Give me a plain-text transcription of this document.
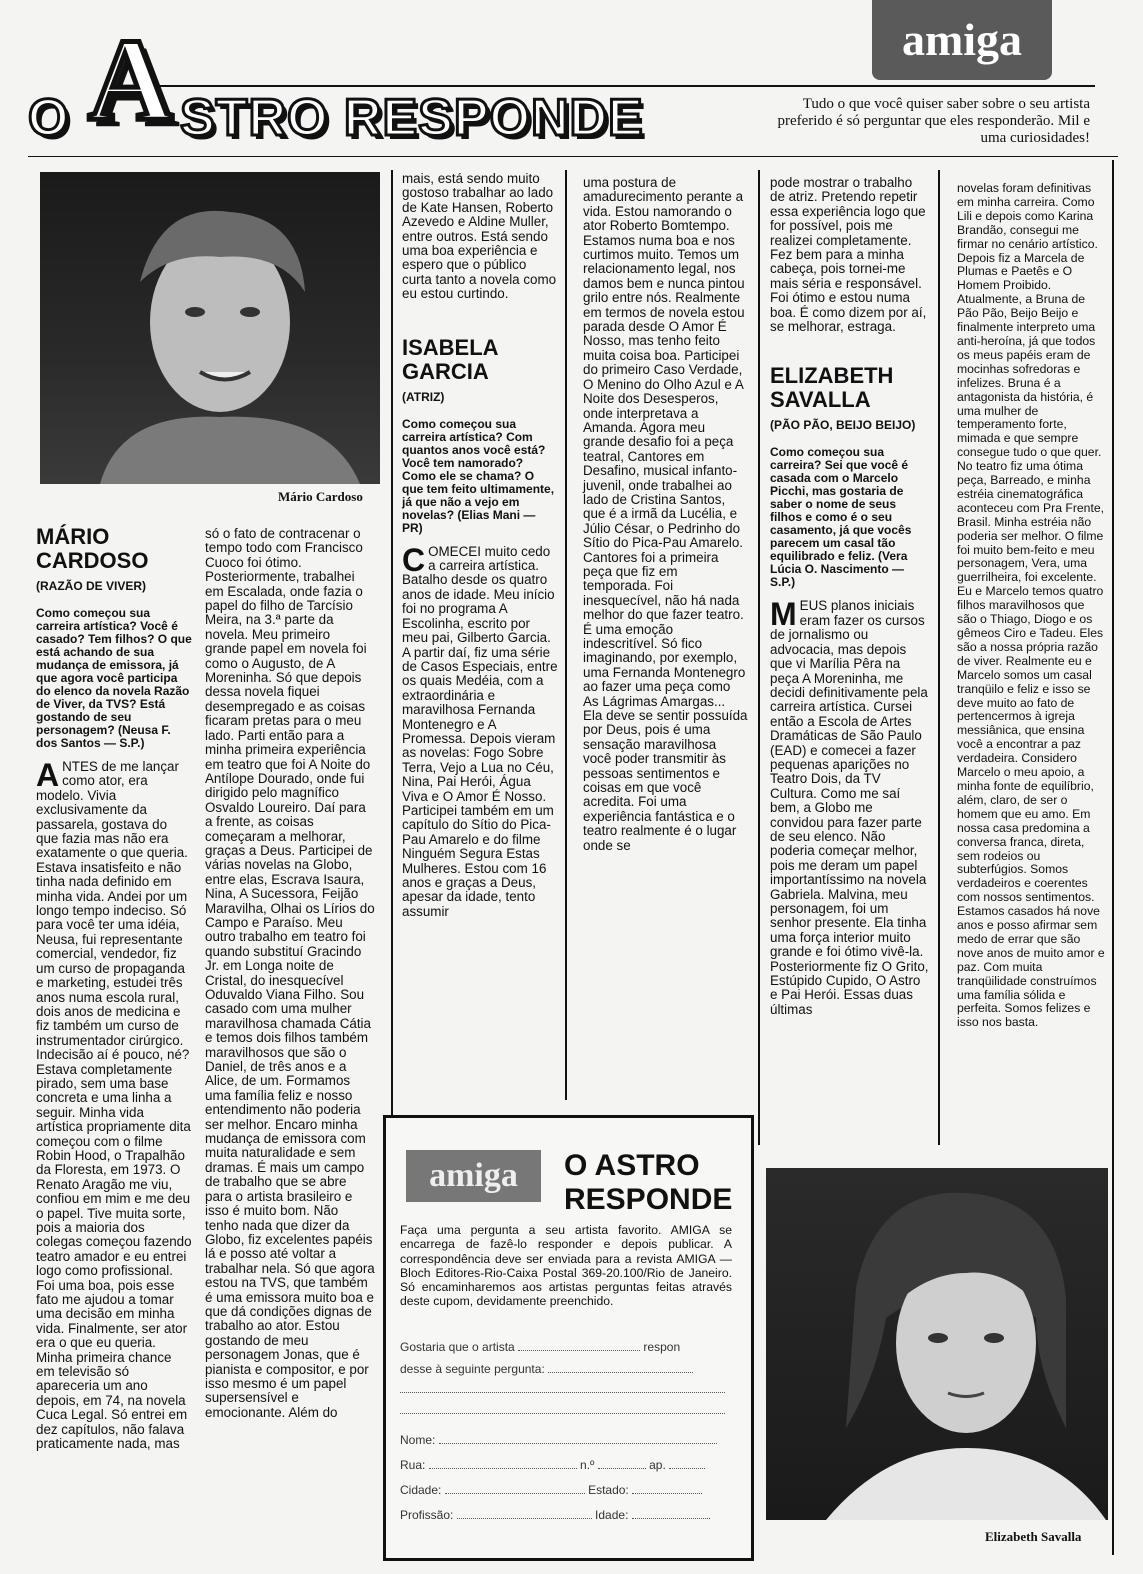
amiga
O A STRO RESPONDE	Tudo o que você quiser saber sobre o seu artista preferido é só perguntar que eles responderão. Mil e uma curiosidades!
Mário Cardoso
MÁRIO CARDOSO
(RAZÃO DE VIVER)
Como começou sua carreira artística? Você é casado? Tem filhos? O que está achando de sua mudança de emissora, já que agora você participa do elenco da novela Razão de Viver, da TVS? Está gostando de seu personagem? (Neusa F. dos Santos — S.P.)

ANTES de me lançar como ator, era modelo. Vivia exclusivamente da passarela, gostava do que fazia mas não era exatamente o que queria. Estava insatisfeito e não tinha nada definido em minha vida. Andei por um longo tempo indeciso. Só para você ter uma idéia, Neusa, fui representante comercial, vendedor, fiz um curso de propaganda e marketing, estudei três anos numa escola rural, dois anos de medicina e fiz também um curso de instrumentador cirúrgico. Indecisão aí é pouco, né? Estava completamente pirado, sem uma base concreta e uma linha a seguir. Minha vida artística propriamente dita começou com o filme Robin Hood, o Trapalhão da Floresta, em 1973. O Renato Aragão me viu, confiou em mim e me deu o papel. Tive muita sorte, pois a maioria dos colegas começou fazendo teatro amador e eu entrei logo como profissional. Foi uma boa, pois esse fato me ajudou a tomar uma decisão em minha vida. Finalmente, ser ator era o que eu queria. Minha primeira chance em televisão só apareceria um ano depois, em 74, na novela Cuca Legal. Só entrei em dez capítulos, não falava praticamente nada, mas

só o fato de contracenar o tempo todo com Francisco Cuoco foi ótimo. Posteriormente, trabalhei em Escalada, onde fazia o papel do filho de Tarcísio Meira, na 3.ª parte da novela. Meu primeiro grande papel em novela foi como o Augusto, de A Moreninha. Só que depois dessa novela fiquei desempregado e as coisas ficaram pretas para o meu lado. Parti então para a minha primeira experiência em teatro que foi A Noite do Antílope Dourado, onde fui dirigido pelo magnífico Osvaldo Loureiro. Daí para a frente, as coisas começaram a melhorar, graças a Deus. Participei de várias novelas na Globo, entre elas, Escrava Isaura, Nina, A Sucessora, Feijão Maravilha, Olhai os Lírios do Campo e Paraíso. Meu outro trabalho em teatro foi quando substituí Gracindo Jr. em Longa noite de Cristal, do inesquecível Oduvaldo Viana Filho. Sou casado com uma mulher maravilhosa chamada Cátia e temos dois filhos também maravilhosos que são o Daniel, de três anos e a Alice, de um. Formamos uma família feliz e nosso entendimento não poderia ser melhor. Encaro minha mudança de emissora com muita naturalidade e sem dramas. É mais um campo de trabalho que se abre para o artista brasileiro e isso é muito bom. Não tenho nada que dizer da Globo, fiz excelentes papéis lá e posso até voltar a trabalhar nela. Só que agora estou na TVS, que também é uma emissora muito boa e que dá condições dignas de trabalho ao ator. Estou gostando de meu personagem Jonas, que é pianista e compositor, e por isso mesmo é um papel supersensível e emocionante. Além do

mais, está sendo muito gostoso trabalhar ao lado de Kate Hansen, Roberto Azevedo e Aldine Muller, entre outros. Está sendo uma boa experiência e espero que o público curta tanto a novela como eu estou curtindo.

ISABELA GARCIA
(ATRIZ)
Como começou sua carreira artística? Com quantos anos você está? Você tem namorado? Como ele se chama? O que tem feito ultimamente, já que não a vejo em novelas? (Elias Mani — PR)

COMECEI muito cedo a carreira artística. Batalho desde os quatro anos de idade. Meu início foi no programa A Escolinha, escrito por meu pai, Gilberto Garcia. A partir daí, fiz uma série de Casos Especiais, entre os quais Medéia, com a extraordinária e maravilhosa Fernanda Montenegro e A Promessa. Depois vieram as novelas: Fogo Sobre Terra, Vejo a Lua no Céu, Nina, Pai Herói, Água Viva e O Amor É Nosso. Participei também em um capítulo do Sítio do Pica-Pau Amarelo e do filme Ninguém Segura Estas Mulheres. Estou com 16 anos e graças a Deus, apesar da idade, tento assumir

uma postura de amadurecimento perante a vida. Estou namorando o ator Roberto Bomtempo. Estamos numa boa e nos curtimos muito. Temos um relacionamento legal, nos damos bem e nunca pintou grilo entre nós. Realmente em termos de novela estou parada desde O Amor É Nosso, mas tenho feito muita coisa boa. Participei do primeiro Caso Verdade, O Menino do Olho Azul e A Noite dos Desesperos, onde interpretava a Amanda. Agora meu grande desafio foi a peça teatral, Cantores em Desafino, musical infanto-juvenil, onde trabalhei ao lado de Cristina Santos, que é a irmã da Lucélia, e Júlio César, o Pedrinho do Sítio do Pica-Pau Amarelo. Cantores foi a primeira peça que fiz em temporada. Foi inesquecível, não há nada melhor do que fazer teatro. É uma emoção indescritível. Só fico imaginando, por exemplo, uma Fernanda Montenegro ao fazer uma peça como As Lágrimas Amargas... Ela deve se sentir possuída por Deus, pois é uma sensação maravilhosa você poder transmitir às pessoas sentimentos e coisas em que você acredita. Foi uma experiência fantástica e o teatro realmente é o lugar onde se

pode mostrar o trabalho de atriz. Pretendo repetir essa experiência logo que for possível, pois me realizei completamente. Fez bem para a minha cabeça, pois tornei-me mais séria e responsável. Foi ótimo e estou numa boa. É como dizem por aí, se melhorar, estraga.

ELIZABETH SAVALLA
(PÃO PÃO, BEIJO BEIJO)
Como começou sua carreira? Sei que você é casada com o Marcelo Picchi, mas gostaria de saber o nome de seus filhos e como é o seu casamento, já que vocês parecem um casal tão equilibrado e feliz. (Vera Lúcia O. Nascimento — S.P.)

MEUS planos iniciais eram fazer os cursos de jornalismo ou advocacia, mas depois que vi Marília Pêra na peça A Moreninha, me decidi definitivamente pela carreira artística. Cursei então a Escola de Artes Dramáticas de São Paulo (EAD) e comecei a fazer pequenas aparições no Teatro Dois, da TV Cultura. Como me saí bem, a Globo me convidou para fazer parte de seu elenco. Não poderia começar melhor, pois me deram um papel importantíssimo na novela Gabriela. Malvina, meu personagem, foi um senhor presente. Ela tinha uma força interior muito grande e foi ótimo vivê-la. Posteriormente fiz O Grito, Estúpido Cupido, O Astro e Pai Herói. Essas duas últimas

novelas foram definitivas em minha carreira. Como Lili e depois como Karina Brandão, consegui me firmar no cenário artístico. Depois fiz a Marcela de Plumas e Paetês e O Homem Proibido. Atualmente, a Bruna de Pão Pão, Beijo Beijo e finalmente interpreto uma anti-heroína, já que todos os meus papéis eram de mocinhas sofredoras e infelizes. Bruna é a antagonista da história, é uma mulher de temperamento forte, mimada e que sempre consegue tudo o que quer. No teatro fiz uma ótima peça, Barreado, e minha estréia cinematográfica aconteceu com Pra Frente, Brasil. Minha estréia não poderia ser melhor. O filme foi muito bem-feito e meu personagem, Vera, uma guerrilheira, foi excelente. Eu e Marcelo temos quatro filhos maravilhosos que são o Thiago, Diogo e os gêmeos Ciro e Tadeu. Eles são a nossa própria razão de viver. Realmente eu e Marcelo somos um casal tranqüilo e feliz e isso se deve muito ao fato de pertencermos à igreja messiânica, que ensina você a encontrar a paz verdadeira. Considero Marcelo o meu apoio, a minha fonte de equilíbrio, além, claro, de ser o homem que eu amo. Em nossa casa predomina a conversa franca, direta, sem rodeios ou subterfúgios. Somos verdadeiros e coerentes com nossos sentimentos. Estamos casados há nove anos e posso afirmar sem medo de errar que são nove anos de muito amor e paz. Com muita tranqüilidade construímos uma família sólida e perfeita. Somos felizes e isso nos basta.

Elizabeth Savalla
amiga	O ASTRO
RESPONDE
Faça uma pergunta a seu artista favorito. AMIGA se encarrega de fazê-lo responder e depois publicar. A correspondência deve ser enviada para a revista AMIGA — Bloch Editores-Rio-Caixa Postal 369-20.100/Rio de Janeiro. Só encaminharemos aos artistas perguntas feitas através deste cupom, devidamente preenchido.
Gostaria que o artista	respon
desse à seguinte pergunta:
Nome:
Rua:	n.º	ap.
Cidade:	Estado:
Profissão:	Idade:
